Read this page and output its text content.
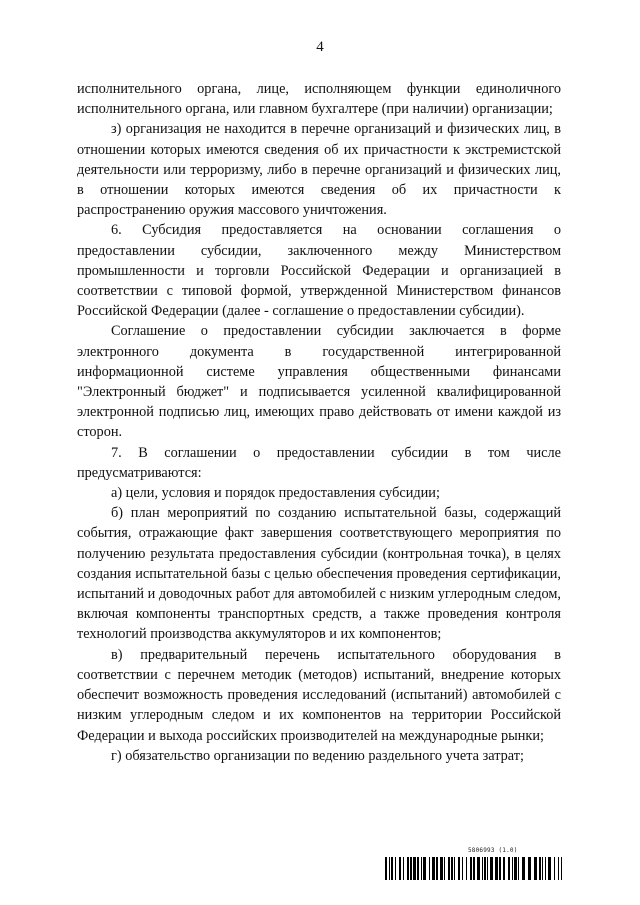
4

исполнительного органа, лице, исполняющем функции единоличного исполнительного органа, или главном бухгалтере (при наличии) организации;

з) организация не находится в перечне организаций и физических лиц, в отношении которых имеются сведения об их причастности к экстремистской деятельности или терроризму, либо в перечне организаций и физических лиц, в отношении которых имеются сведения об их причастности к распространению оружия массового уничтожения.

6. Субсидия предоставляется на основании соглашения о предоставлении субсидии, заключенного между Министерством промышленности и торговли Российской Федерации и организацией в соответствии с типовой формой, утвержденной Министерством финансов Российской Федерации (далее - соглашение о предоставлении субсидии).

Соглашение о предоставлении субсидии заключается в форме электронного документа в государственной интегрированной информационной системе управления общественными финансами "Электронный бюджет" и подписывается усиленной квалифицированной электронной подписью лиц, имеющих право действовать от имени каждой из сторон.

7. В соглашении о предоставлении субсидии в том числе предусматриваются:

а) цели, условия и порядок предоставления субсидии;

б) план мероприятий по созданию испытательной базы, содержащий события, отражающие факт завершения соответствующего мероприятия по получению результата предоставления субсидии (контрольная точка), в целях создания испытательной базы с целью обеспечения проведения сертификации, испытаний и доводочных работ для автомобилей с низким углеродным следом, включая компоненты транспортных средств, а также проведения контроля технологий производства аккумуляторов и их компонентов;

в) предварительный перечень испытательного оборудования в соответствии с перечнем методик (методов) испытаний, внедрение которых обеспечит возможность проведения исследований (испытаний) автомобилей с низким углеродным следом и их компонентов на территории Российской Федерации и выхода российских производителей на международные рынки;

г) обязательство организации по ведению раздельного учета затрат;

5806993 (1.0)
